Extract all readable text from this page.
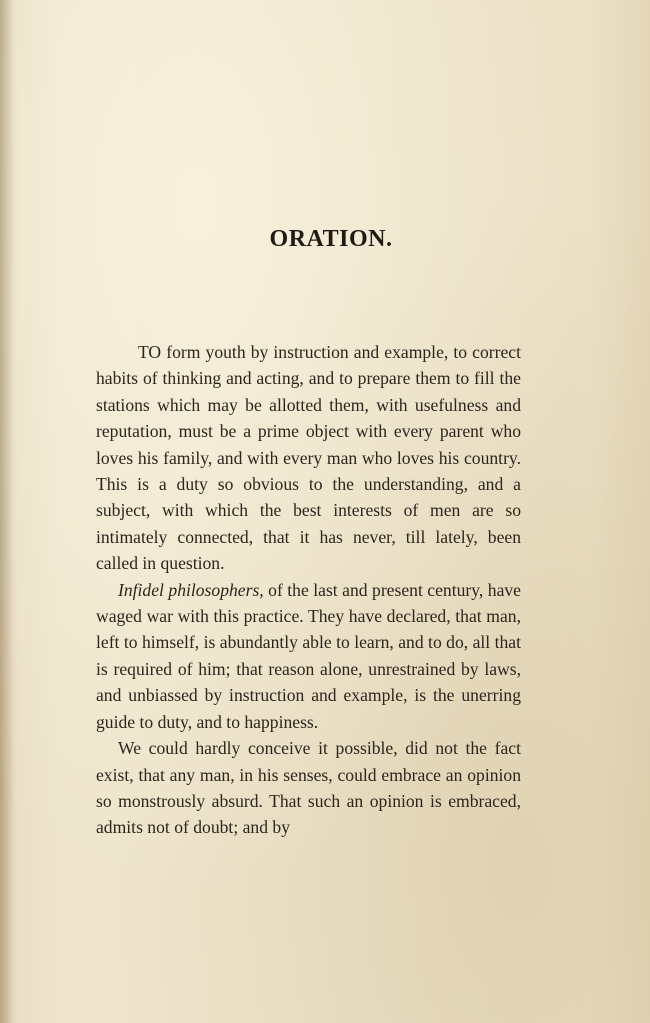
ORATION.

TO form youth by instruction and example, to correct habits of thinking and acting, and to prepare them to fill the stations which may be allotted them, with usefulness and reputation, must be a prime object with every parent who loves his family, and with every man who loves his country. This is a duty so obvious to the understanding, and a subject, with which the best interests of men are so intimately connected, that it has never, till lately, been called in question.

Infidel philosophers, of the last and present century, have waged war with this practice. They have declared, that man, left to himself, is abundantly able to learn, and to do, all that is required of him; that reason alone, unrestrained by laws, and unbiassed by instruction and example, is the unerring guide to duty, and to happiness.

We could hardly conceive it possible, did not the fact exist, that any man, in his senses, could embrace an opinion so monstrously absurd. That such an opinion is embraced, admits not of doubt; and by
